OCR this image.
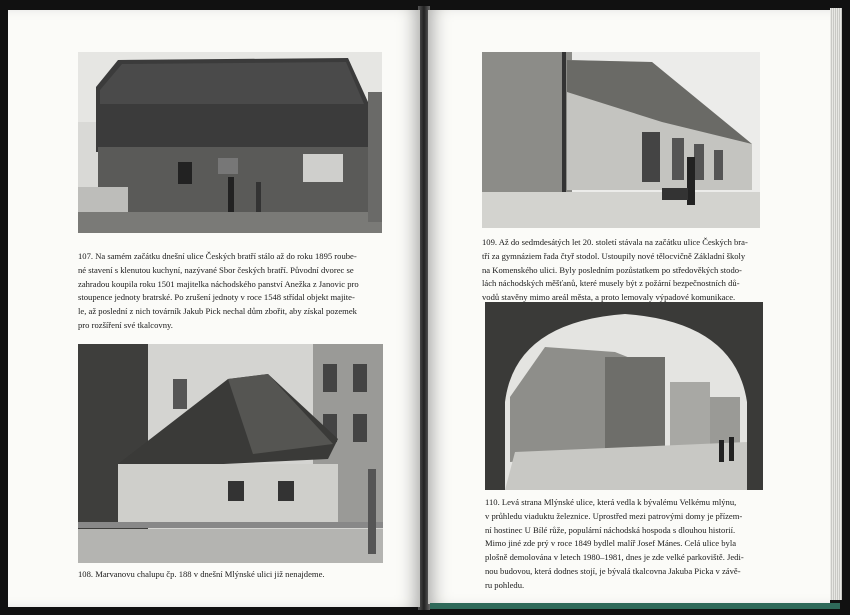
107. Na samém začátku dnešní ulice Českých bratří stálo až do roku 1895 roube-
né stavení s klenutou kuchyní, nazývané Sbor českých bratří. Původní dvorec se
zahradou koupila roku 1501 majitelka náchodského panství Anežka z Janovic pro
stoupence jednoty bratrské. Po zrušení jednoty v roce 1548 střídal objekt majite-
le, až poslední z nich továrník Jakub Pick nechal dům zbořit, aby získal pozemek
pro rozšíření své tkalcovny.

108. Marvanovu chalupu čp. 188 v dnešní Mlýnské ulici již nenajdeme.

109. Až do sedmdesátých let 20. století stávala na začátku ulice Českých bra-
tří za gymnáziem řada čtyř stodol. Ustoupily nové tělocvičně Základní školy
na Komenského ulici. Byly posledním pozůstatkem po středověkých stodo-
lách náchodských měšťanů, které musely být z požární bezpečnostních dů-
vodů stavěny mimo areál města, a proto lemovaly výpadové komunikace.

110. Levá strana Mlýnské ulice, která vedla k bývalému Velkému mlýnu,
v průhledu viaduktu železnice. Uprostřed mezi patrovými domy je přízem-
ní hostinec U Bílé růže, populární náchodská hospoda s dlouhou historií.
Mimo jiné zde prý v roce 1849 bydlel malíř Josef Mánes. Celá ulice byla
plošně demolována v letech 1980–1981, dnes je zde velké parkoviště. Jedi-
nou budovou, která dodnes stojí, je bývalá tkalcovna Jakuba Picka v závě-
ru pohledu.
